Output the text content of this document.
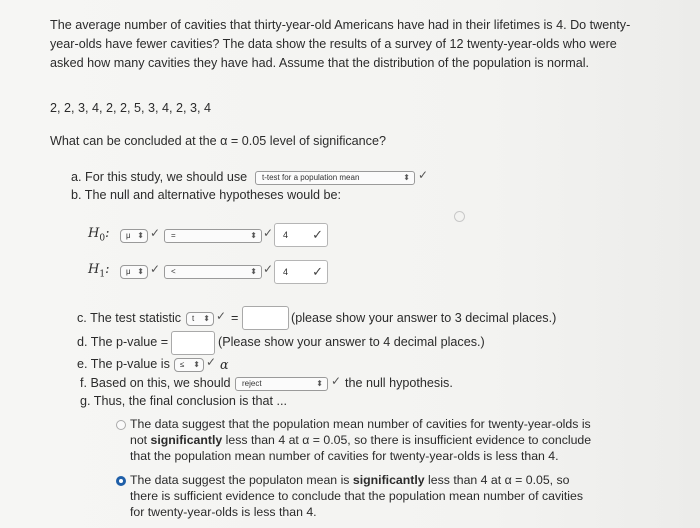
The average number of cavities that thirty-year-old Americans have had in their lifetimes is 4. Do twenty-year-olds have fewer cavities? The data show the results of a survey of 12 twenty-year-olds who were asked how many cavities they have had. Assume that the distribution of the population is normal.
2, 2, 3, 4, 2, 2, 5, 3, 4, 2, 3, 4
What can be concluded at the α = 0.05 level of significance?
a. For this study, we should use	t-test for a population mean	⬍ ✓
b. The null and alternative hypotheses would be:
$H_0$:	μ ⬍ ✓	=	⬍ ✓	4 ✓
$H_1$:	μ ⬍ ✓	<	⬍ ✓	4 ✓
c. The test statistic	t ⬍ ✓ =	(please show your answer to 3 decimal places.)
d. The p-value =	(Please show your answer to 4 decimal places.)
e. The p-value is	≤ ⬍ ✓ α
f. Based on this, we should	reject	⬍ ✓ the null hypothesis.
g. Thus, the final conclusion is that ...
The data suggest that the population mean number of cavities for twenty-year-olds is not significantly less than 4 at α = 0.05, so there is insufficient evidence to conclude that the population mean number of cavities for twenty-year-olds is less than 4.
The data suggest the populaton mean is significantly less than 4 at α = 0.05, so there is sufficient evidence to conclude that the population mean number of cavities for twenty-year-olds is less than 4.
